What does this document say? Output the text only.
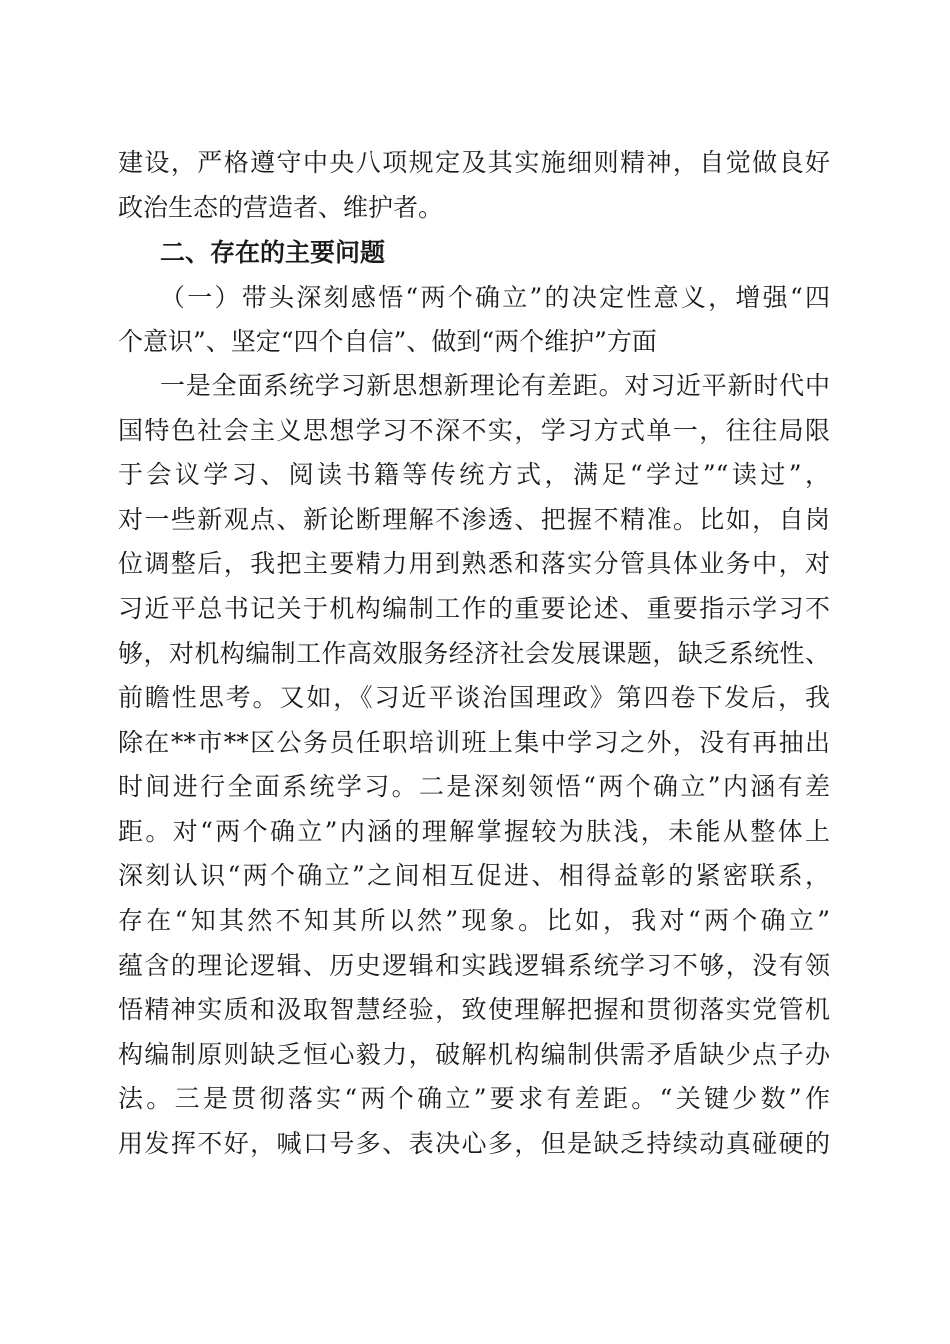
建设，严格遵守中央八项规定及其实施细则精神，自觉做良好
政治生态的营造者、维护者。
二、存在的主要问题
（一）带头深刻感悟“两个确立”的决定性意义，增强“四
个意识”、坚定“四个自信”、做到“两个维护”方面
一是全面系统学习新思想新理论有差距。对习近平新时代中
国特色社会主义思想学习不深不实，学习方式单一，往往局限
于会议学习、阅读书籍等传统方式，满足“学过”“读过”，
对一些新观点、新论断理解不渗透、把握不精准。比如，自岗
位调整后，我把主要精力用到熟悉和落实分管具体业务中，对
习近平总书记关于机构编制工作的重要论述、重要指示学习不
够，对机构编制工作高效服务经济社会发展课题，缺乏系统性、
前瞻性思考。又如，《习近平谈治国理政》第四卷下发后，我
除在**市**区公务员任职培训班上集中学习之外，没有再抽出
时间进行全面系统学习。二是深刻领悟“两个确立”内涵有差
距。对“两个确立”内涵的理解掌握较为肤浅，未能从整体上
深刻认识“两个确立”之间相互促进、相得益彰的紧密联系，
存在“知其然不知其所以然”现象。比如，我对“两个确立”
蕴含的理论逻辑、历史逻辑和实践逻辑系统学习不够，没有领
悟精神实质和汲取智慧经验，致使理解把握和贯彻落实党管机
构编制原则缺乏恒心毅力，破解机构编制供需矛盾缺少点子办
法。三是贯彻落实“两个确立”要求有差距。“关键少数”作
用发挥不好，喊口号多、表决心多，但是缺乏持续动真碰硬的
